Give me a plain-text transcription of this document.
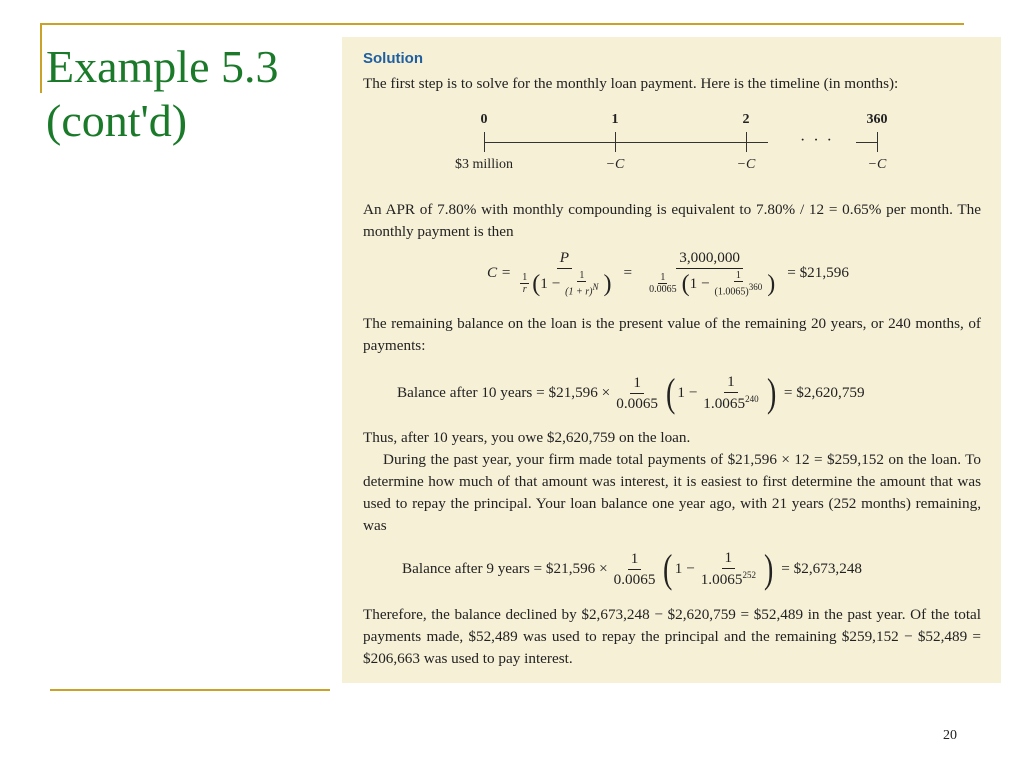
Example 5.3
(cont'd)
Solution
The first step is to solve for the monthly loan payment. Here is the timeline (in months):
0	1	2	360
· · ·
$3 million	−C	−C	−C
An APR of 7.80% with monthly compounding is equivalent to 7.80% / 12 = 0.65% per month. The monthly payment is then
C =
P
$\frac{1}{r}$ ( $1 - \frac{1}{(1 + r)^N}$ ) =
3,000,000
$\frac{1}{0.0065}$ ( $1 - \frac{1}{(1.0065)^{360}}$ ) = $21,596
The remaining balance on the loan is the present value of the remaining 20 years, or 240 months, of payments:
Balance after 10 years = $21,596 × $\frac{1}{0.0065}$ ( $1 - \frac{1}{1.0065^{240}}$ ) = $2,620,759
Thus, after 10 years, you owe $2,620,759 on the loan.
During the past year, your firm made total payments of $21,596 × 12 = $259,152 on the loan. To determine how much of that amount was interest, it is easiest to first determine the amount that was used to repay the principal. Your loan balance one year ago, with 21 years (252 months) remaining, was
Balance after 9 years = $21,596 × $\frac{1}{0.0065}$ ( $1 - \frac{1}{1.0065^{252}}$ ) = $2,673,248
Therefore, the balance declined by $2,673,248 − $2,620,759 = $52,489 in the past year. Of the total payments made, $52,489 was used to repay the principal and the remaining $259,152 − $52,489 = $206,663 was used to pay interest.
20
